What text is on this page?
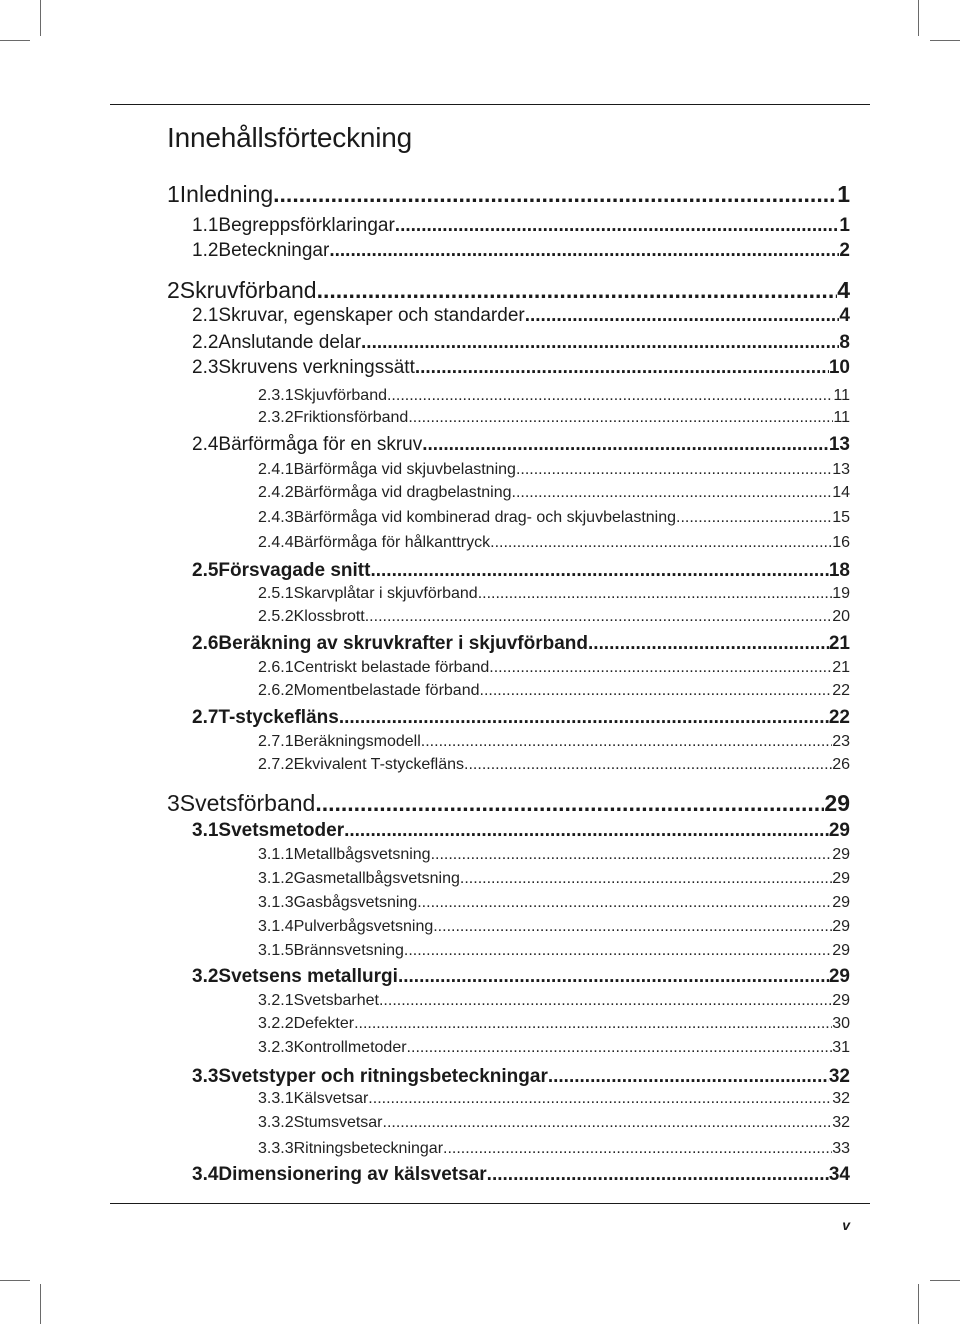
Innehållsförteckning
1 Inledning .....	1
1.1 Begreppsförklaringar .....	1
1.2 Beteckningar .....	2
2 Skruvförband .....	4
2.1 Skruvar, egenskaper och standarder .....	4
2.2 Anslutande delar .....	8
2.3 Skruvens verkningssätt .....	10
2.3.1 Skjuvförband .....	11
2.3.2 Friktionsförband .....	11
2.4 Bärförmåga för en skruv .....	13
2.4.1 Bärförmåga vid skjuvbelastning .....	13
2.4.2 Bärförmåga vid dragbelastning .....	14
2.4.3 Bärförmåga vid kombinerad drag- och skjuvbelastning .....	15
2.4.4 Bärförmåga för hålkanttryck .....	16
2.5 Försvagade snitt .....	18
2.5.1 Skarvplåtar i skjuvförband .....	19
2.5.2 Klossbrott .....	20
2.6 Beräkning av skruvkrafter i skjuvförband .....	21
2.6.1 Centriskt belastade förband .....	21
2.6.2 Momentbelastade förband .....	22
2.7 T-styckefläns .....	22
2.7.1 Beräkningsmodell .....	23
2.7.2 Ekvivalent T-styckefläns .....	26
3 Svetsförband .....	29
3.1 Svetsmetoder .....	29
3.1.1 Metallbågsvetsning .....	29
3.1.2 Gasmetallbågsvetsning .....	29
3.1.3 Gasbågsvetsning .....	29
3.1.4 Pulverbågsvetsning .....	29
3.1.5 Brännsvetsning .....	29
3.2 Svetsens metallurgi .....	29
3.2.1 Svetsbarhet .....	29
3.2.2 Defekter .....	30
3.2.3 Kontrollmetoder .....	31
3.3 Svetstyper och ritningsbeteckningar .....	32
3.3.1 Kälsvetsar .....	32
3.3.2 Stumsvetsar .....	32
3.3.3 Ritningsbeteckningar .....	33
3.4 Dimensionering av kälsvetsar .....	34
v
